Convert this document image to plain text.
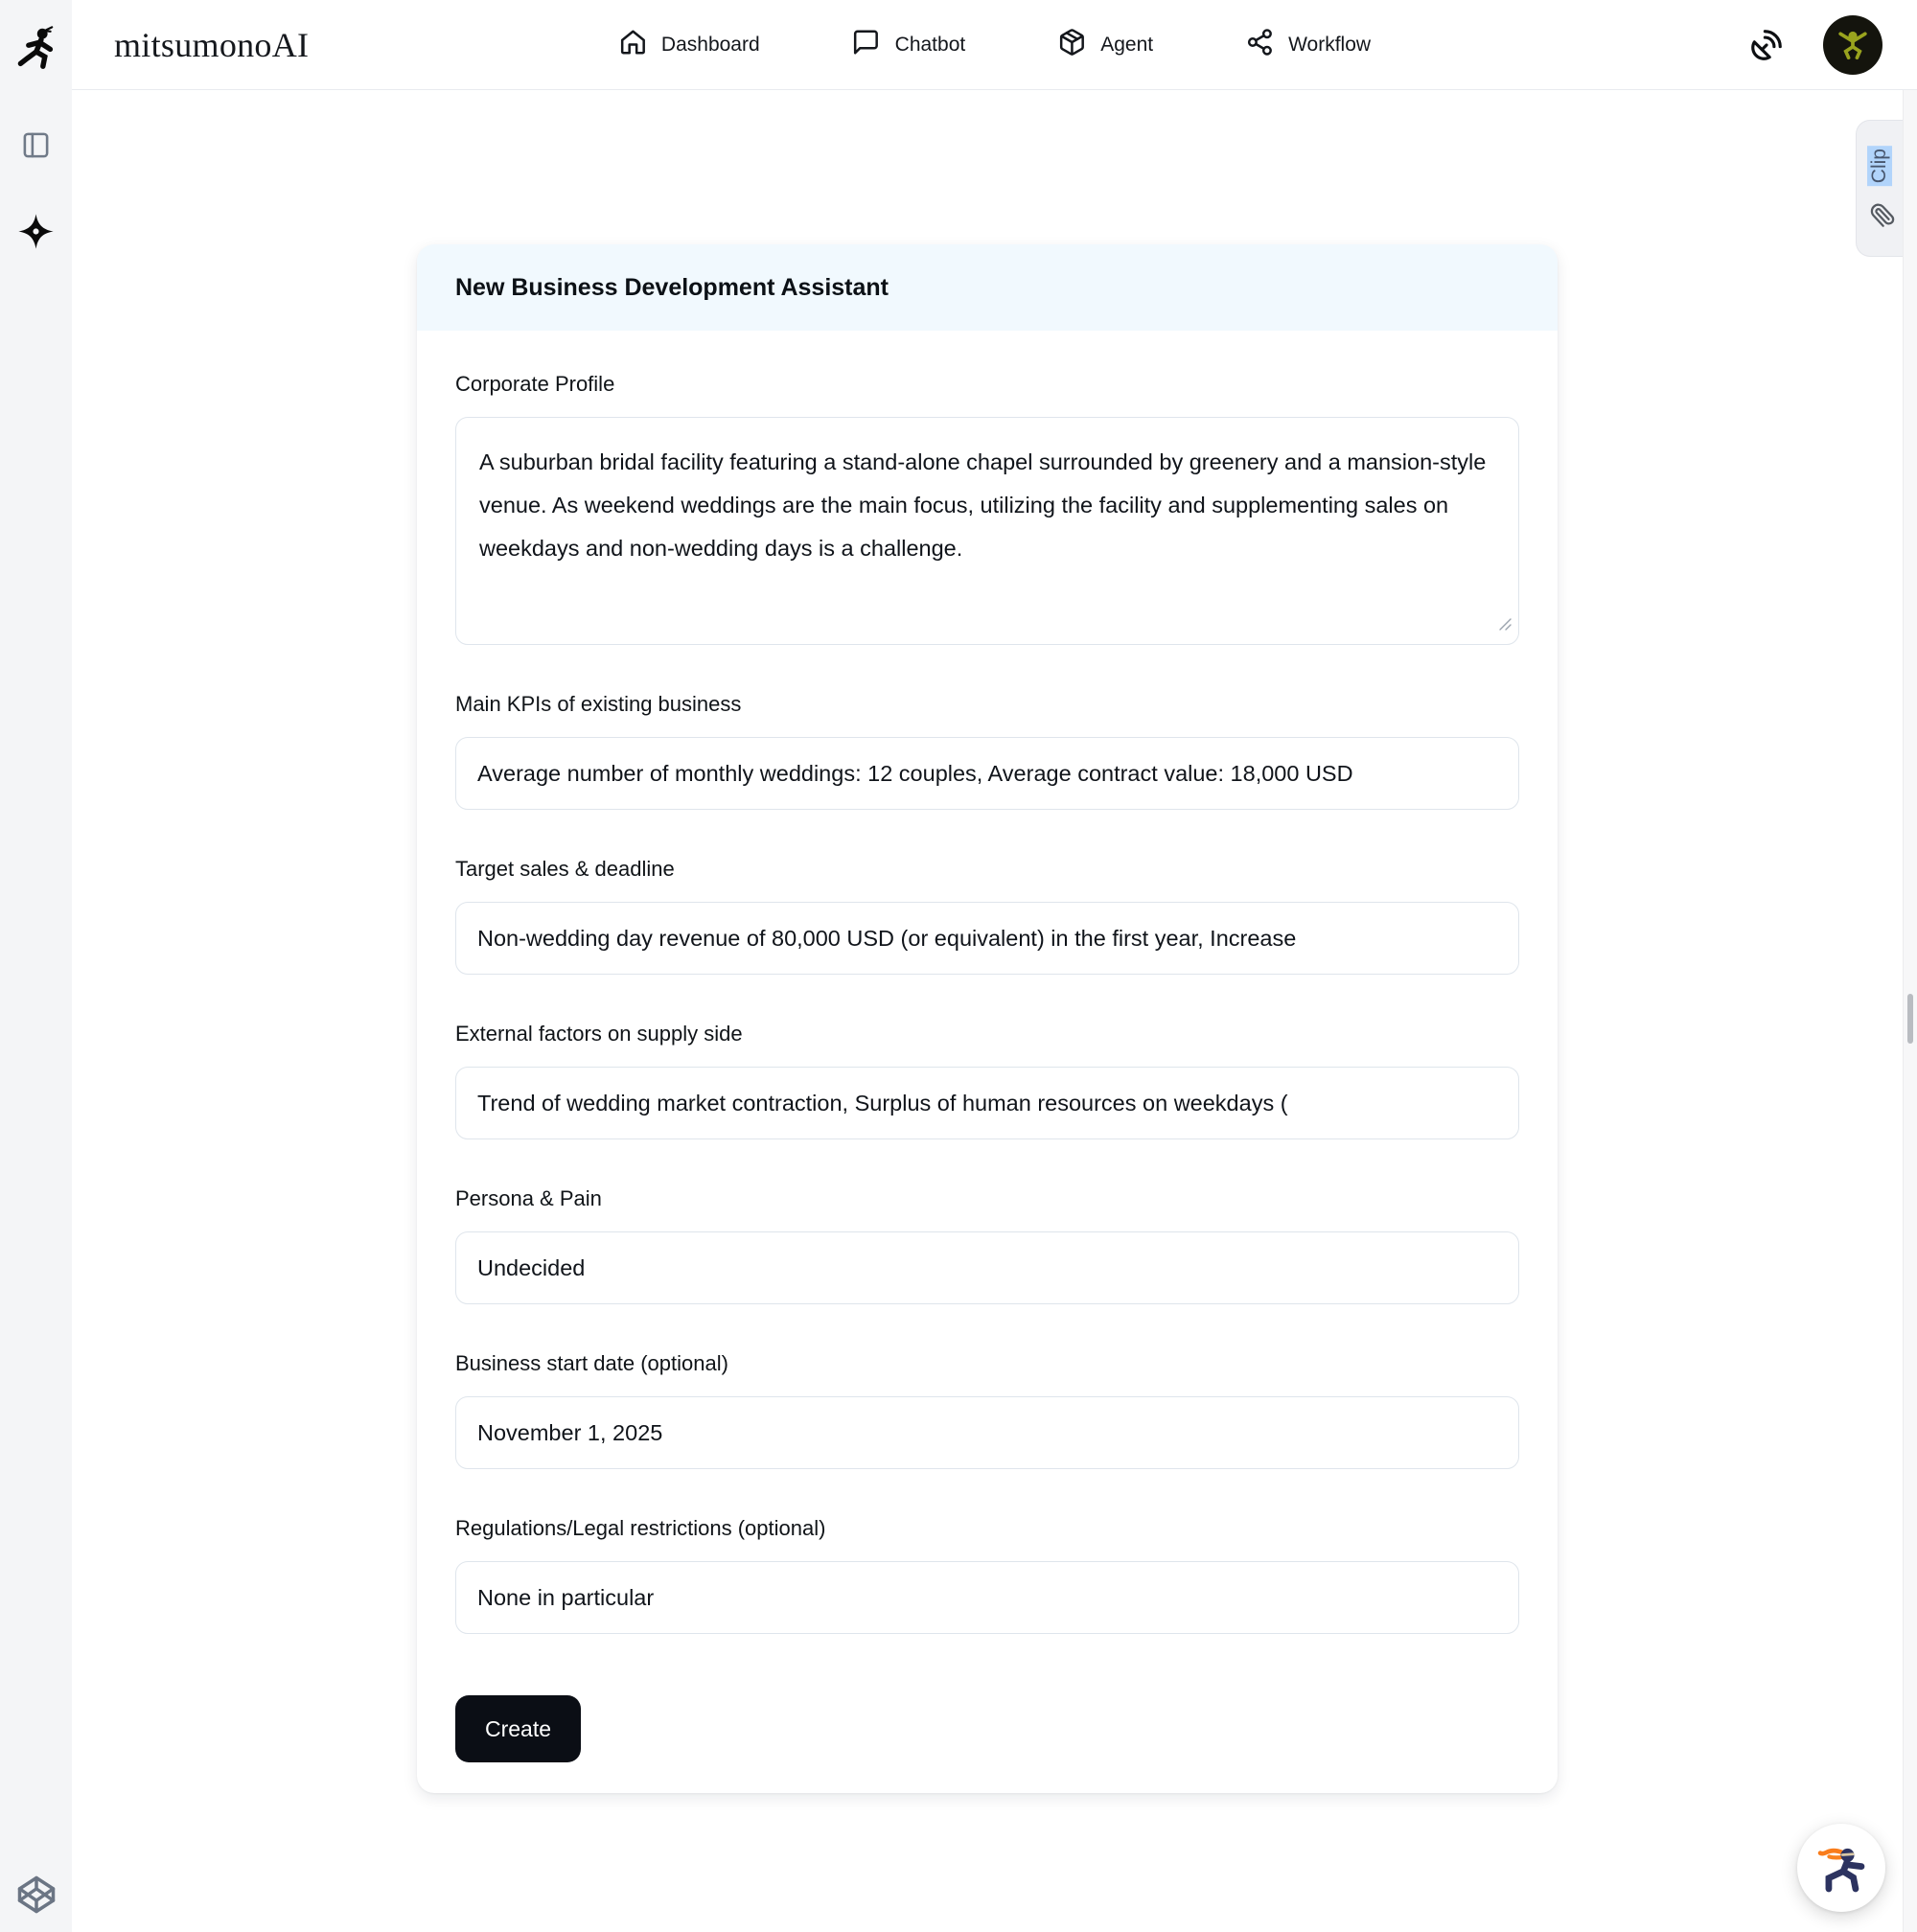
mitsumonoAI	Dashboard	Chatbot	Agent	Workflow
Clip
New Business Development Assistant
Corporate Profile
A suburban bridal facility featuring a stand-alone chapel surrounded by greenery and a mansion-style venue. As weekend weddings are the main focus, utilizing the facility and supplementing sales on weekdays and non-wedding days is a challenge.
Main KPIs of existing business
Average number of monthly weddings: 12 couples, Average contract value: 18,000 USD
Target sales & deadline
Non-wedding day revenue of 80,000 USD (or equivalent) in the first year, Increase
External factors on supply side
Trend of wedding market contraction, Surplus of human resources on weekdays (
Persona & Pain
Undecided
Business start date (optional)
November 1, 2025
Regulations/Legal restrictions (optional)
None in particular
Create
